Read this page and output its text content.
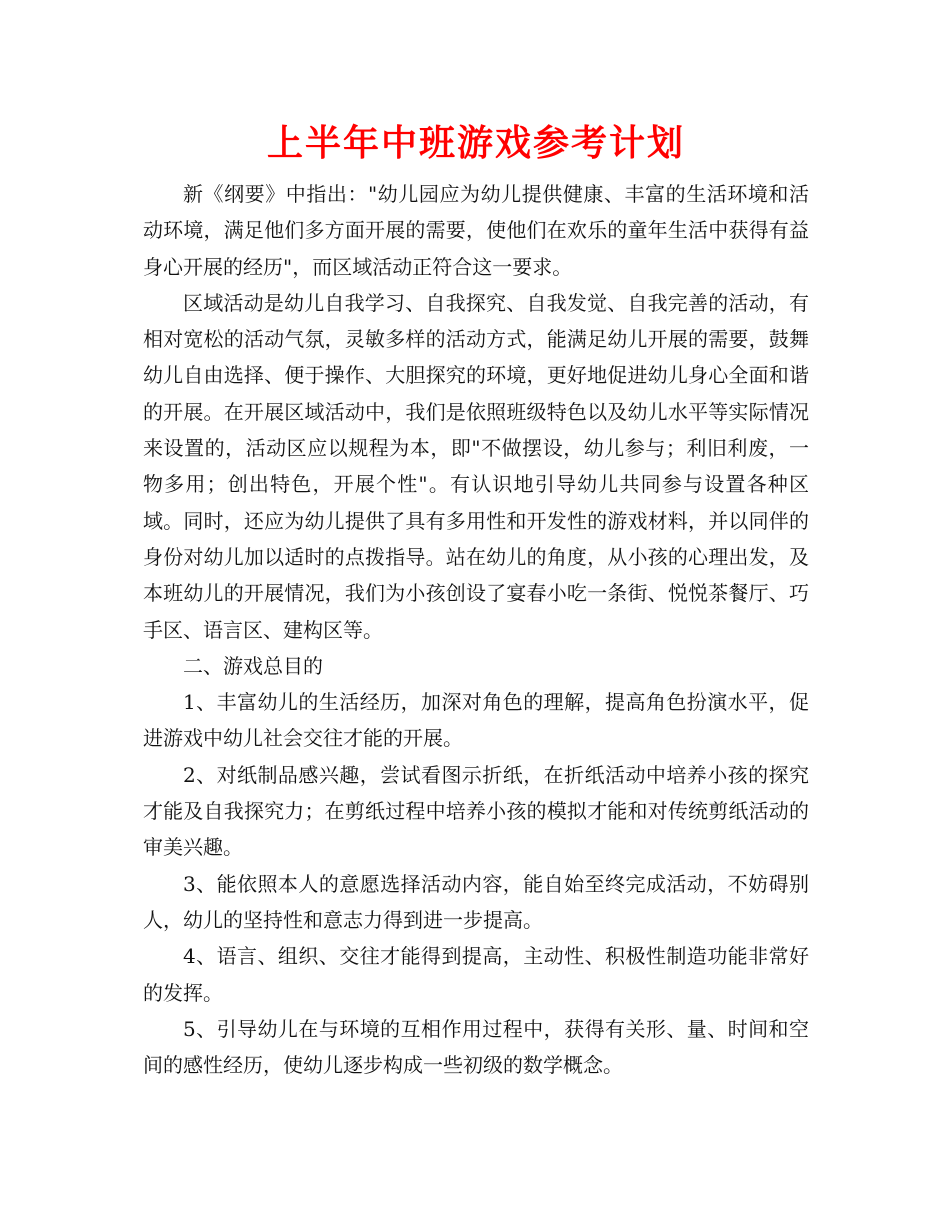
上半年中班游戏参考计划

新《纲要》中指出："幼儿园应为幼儿提供健康、丰富的生活环境和活动环境，满足他们多方面开展的需要，使他们在欢乐的童年生活中获得有益身心开展的经历"，而区域活动正符合这一要求。

区域活动是幼儿自我学习、自我探究、自我发觉、自我完善的活动，有相对宽松的活动气氛，灵敏多样的活动方式，能满足幼儿开展的需要，鼓舞幼儿自由选择、便于操作、大胆探究的环境，更好地促进幼儿身心全面和谐的开展。在开展区域活动中，我们是依照班级特色以及幼儿水平等实际情况来设置的，活动区应以规程为本，即"不做摆设，幼儿参与；利旧利废，一物多用；创出特色，开展个性"。有认识地引导幼儿共同参与设置各种区域。同时，还应为幼儿提供了具有多用性和开发性的游戏材料，并以同伴的身份对幼儿加以适时的点拨指导。站在幼儿的角度，从小孩的心理出发，及本班幼儿的开展情况，我们为小孩创设了宴春小吃一条街、悦悦茶餐厅、巧手区、语言区、建构区等。

二、游戏总目的

1、丰富幼儿的生活经历，加深对角色的理解，提高角色扮演水平，促进游戏中幼儿社会交往才能的开展。

2、对纸制品感兴趣，尝试看图示折纸，在折纸活动中培养小孩的探究才能及自我探究力；在剪纸过程中培养小孩的模拟才能和对传统剪纸活动的审美兴趣。

3、能依照本人的意愿选择活动内容，能自始至终完成活动，不妨碍别人，幼儿的坚持性和意志力得到进一步提高。

4、语言、组织、交往才能得到提高，主动性、积极性制造功能非常好的发挥。

5、引导幼儿在与环境的互相作用过程中，获得有关形、量、时间和空间的感性经历，使幼儿逐步构成一些初级的数学概念。
